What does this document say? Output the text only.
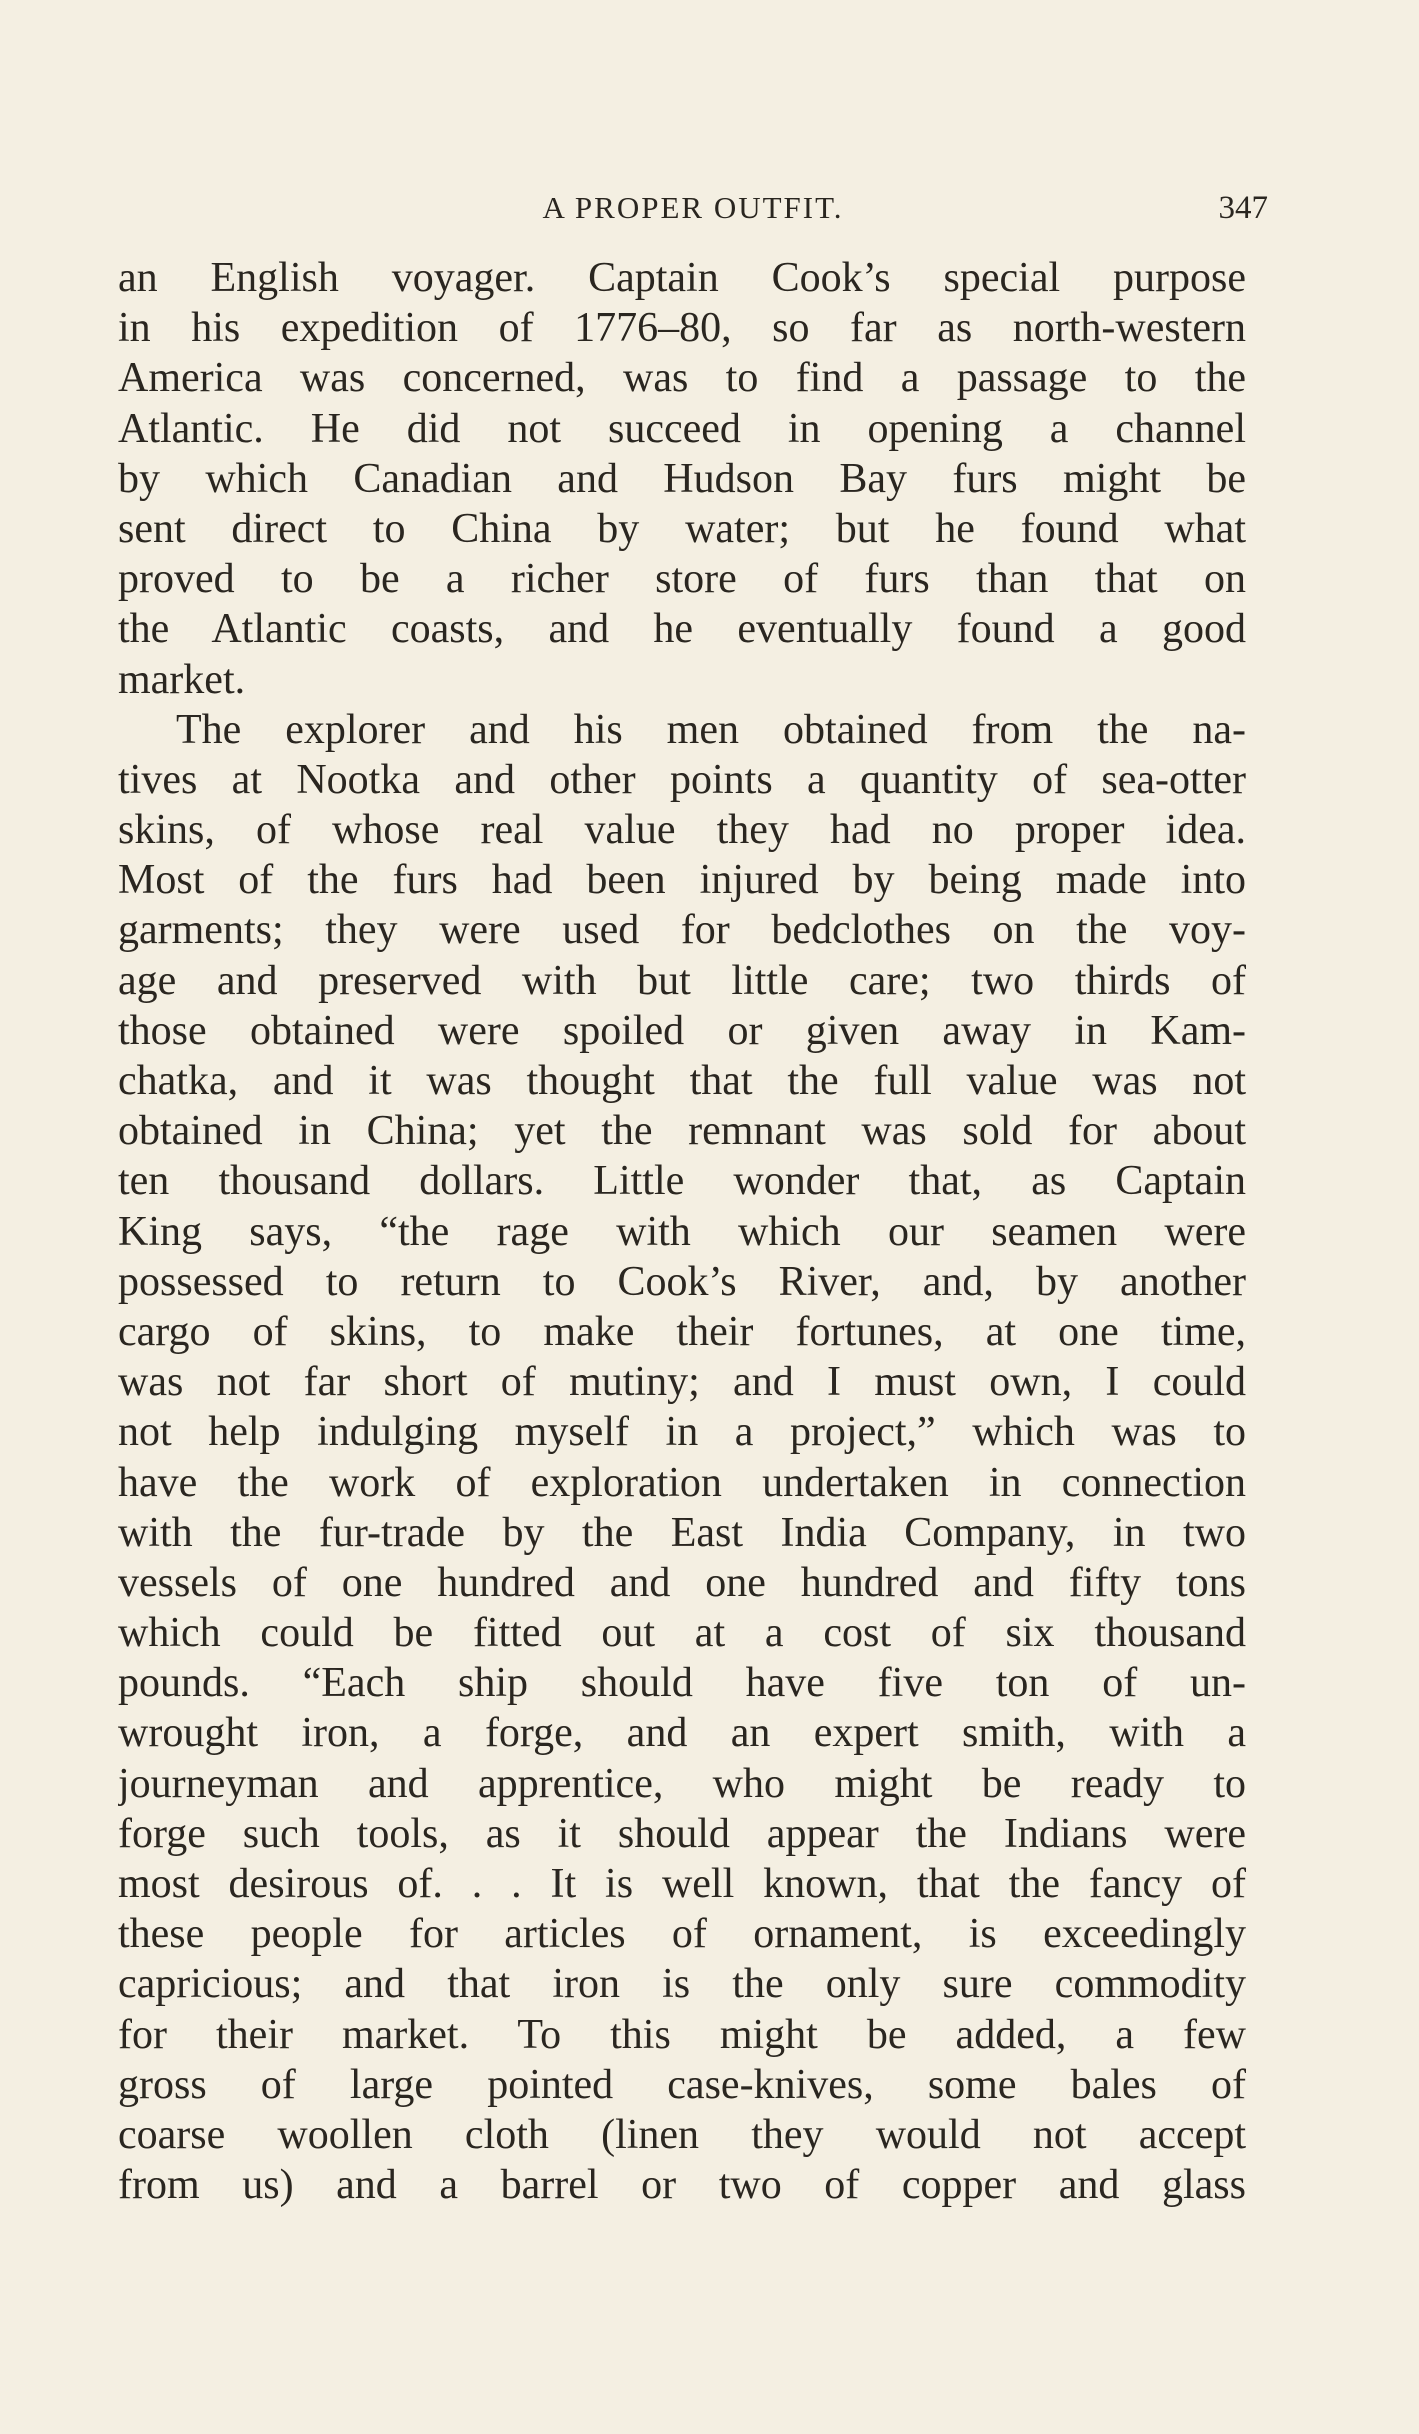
A PROPER OUTFIT.	347
an English voyager. Captain Cook’s special purpose
in his expedition of 1776–80, so far as north-western
America was concerned, was to find a passage to the
Atlantic. He did not succeed in opening a channel
by which Canadian and Hudson Bay furs might be
sent direct to China by water; but he found what
proved to be a richer store of furs than that on
the Atlantic coasts, and he eventually found a good
market.
The explorer and his men obtained from the na-
tives at Nootka and other points a quantity of sea-otter
skins, of whose real value they had no proper idea.
Most of the furs had been injured by being made into
garments; they were used for bedclothes on the voy-
age and preserved with but little care; two thirds of
those obtained were spoiled or given away in Kam-
chatka, and it was thought that the full value was not
obtained in China; yet the remnant was sold for about
ten thousand dollars. Little wonder that, as Captain
King says, “the rage with which our seamen were
possessed to return to Cook’s River, and, by another
cargo of skins, to make their fortunes, at one time,
was not far short of mutiny; and I must own, I could
not help indulging myself in a project,” which was to
have the work of exploration undertaken in connection
with the fur-trade by the East India Company, in two
vessels of one hundred and one hundred and fifty tons
which could be fitted out at a cost of six thousand
pounds. “Each ship should have five ton of un-
wrought iron, a forge, and an expert smith, with a
journeyman and apprentice, who might be ready to
forge such tools, as it should appear the Indians were
most desirous of. . . It is well known, that the fancy of
these people for articles of ornament, is exceedingly
capricious; and that iron is the only sure commodity
for their market. To this might be added, a few
gross of large pointed case-knives, some bales of
coarse woollen cloth (linen they would not accept
from us) and a barrel or two of copper and glass
